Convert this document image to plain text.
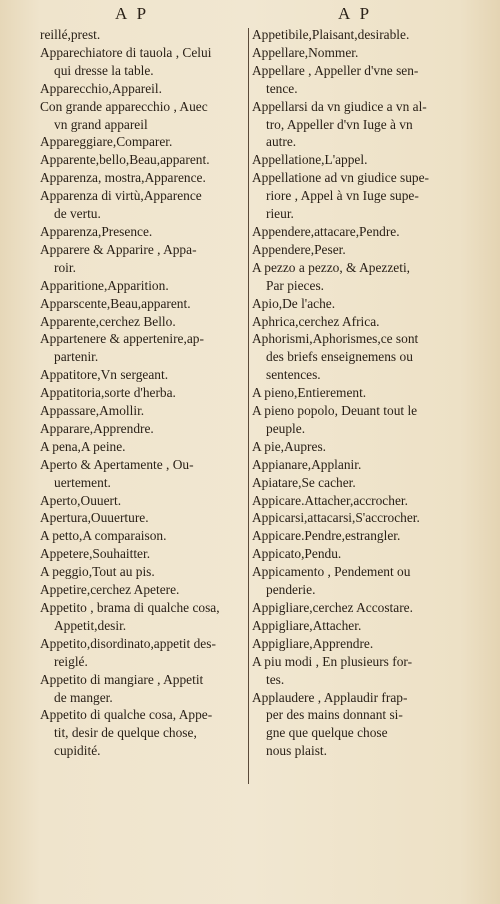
A P	A P
reillé,prest.
Apparechiatore di tauola , Celui
qui dresse la table.
Apparecchio,Appareil.
Con grande apparecchio , Auec
vn grand appareil
Appareggiare,Comparer.
Apparente,bello,Beau,apparent.
Apparenza, mostra,Apparence.
Apparenza di virtù,Apparence
de vertu.
Apparenza,Presence.
Apparere & Apparire , Appa-
roir.
Apparitione,Apparition.
Apparscente,Beau,apparent.
Apparente,cerchez Bello.
Appartenere & appertenire,ap-
partenir.
Appatitore,Vn sergeant.
Appatitoria,sorte d'herba.
Appassare,Amollir.
Apparare,Apprendre.
A pena,A peine.
Aperto & Apertamente , Ou-
uertement.
Aperto,Ouuert.
Apertura,Ouuerture.
A petto,A comparaison.
Appetere,Souhaitter.
A peggio,Tout au pis.
Appetire,cerchez Apetere.
Appetito , brama di qualche cosa,
Appetit,desir.
Appetito,disordinato,appetit des-
reiglé.
Appetito di mangiare , Appetit
de manger.
Appetito di qualche cosa, Appe-
tit, desir de quelque chose,
cupidité.
Appetibile,Plaisant,desirable.
Appellare,Nommer.
Appellare , Appeller d'vne sen-
tence.
Appellarsi da vn giudice a vn al-
tro, Appeller d'vn Iuge à vn
autre.
Appellatione,L'appel.
Appellatione ad vn giudice supe-
riore , Appel à vn Iuge supe-
rieur.
Appendere,attacare,Pendre.
Appendere,Peser.
A pezzo a pezzo, & Apezzeti,
Par pieces.
Apio,De l'ache.
Aphrica,cerchez Africa.
Aphorismi,Aphorismes,ce sont
des briefs enseignemens ou
sentences.
A pieno,Entierement.
A pieno popolo, Deuant tout le
peuple.
A pie,Aupres.
Appianare,Applanir.
Apiatare,Se cacher.
Appicare.Attacher,accrocher.
Appicarsi,attacarsi,S'accrocher.
Appicare.Pendre,estrangler.
Appicato,Pendu.
Appicamento , Pendement ou
penderie.
Appigliare,cerchez Accostare.
Appigliare,Attacher.
Appigliare,Apprendre.
A piu modi , En plusieurs for-
tes.
Applaudere , Applaudir frap-
per des mains donnant si-
gne que quelque chose
nous plaist.
